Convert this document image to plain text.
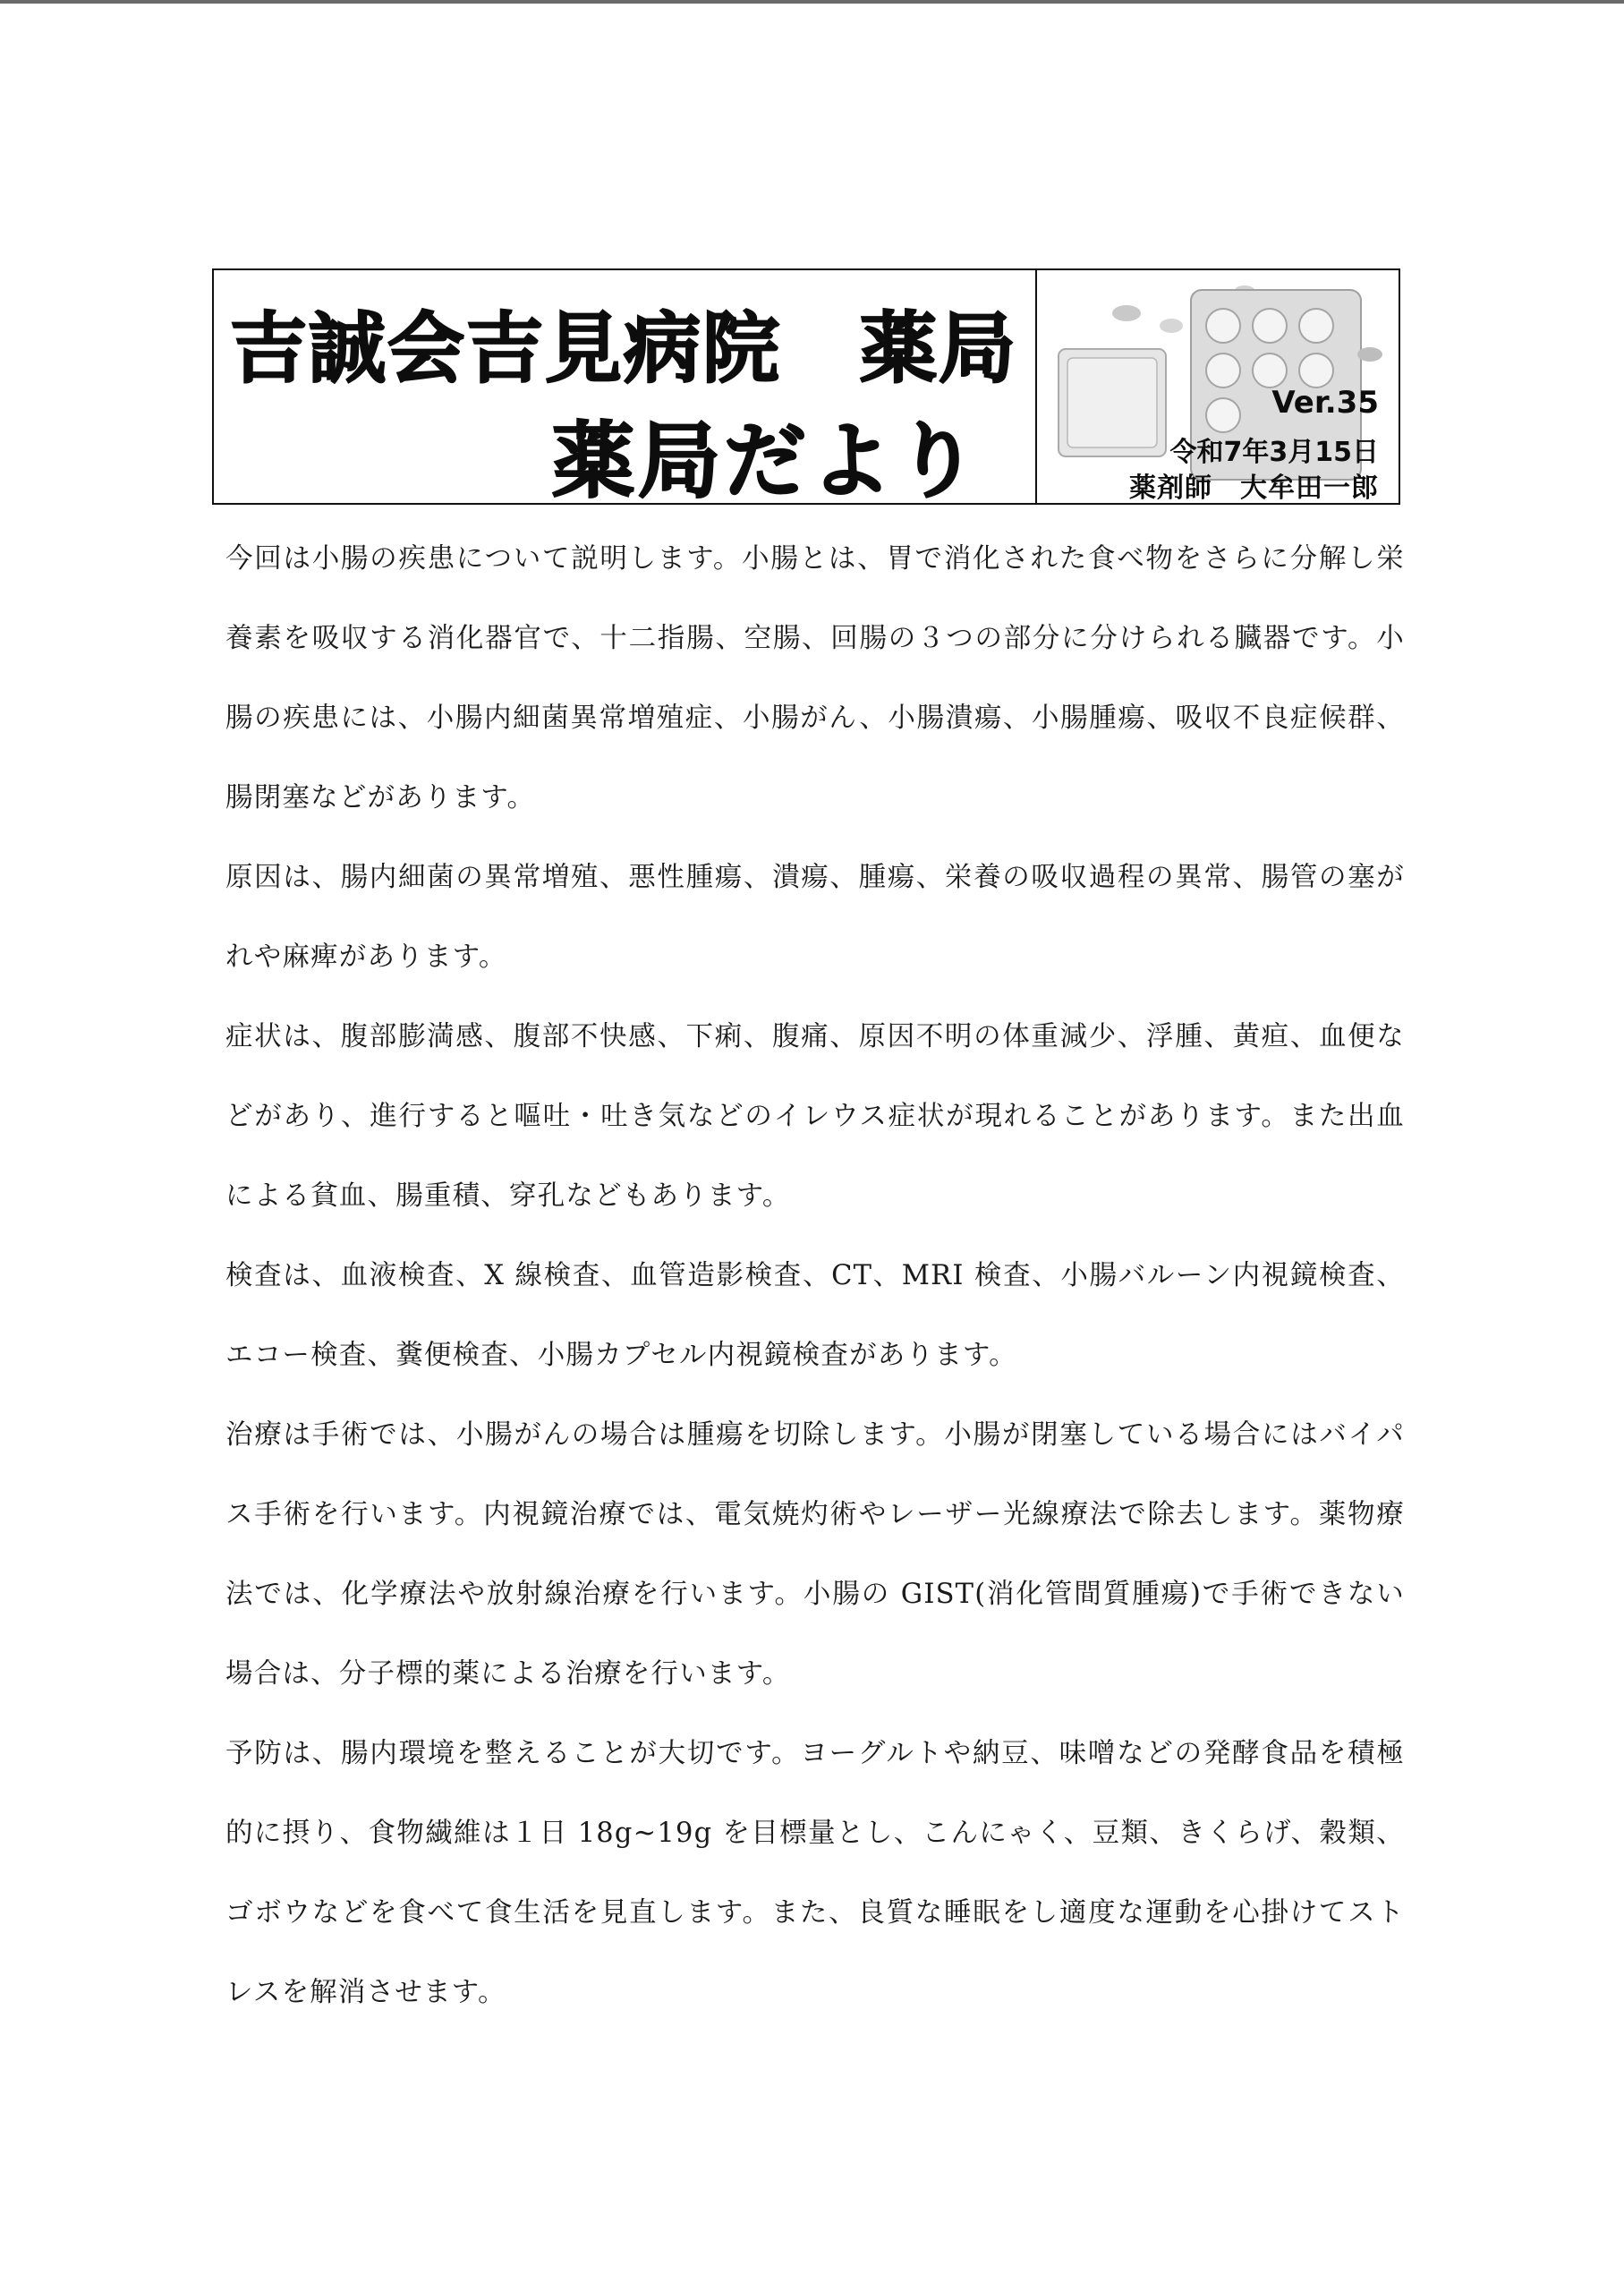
吉誠会吉見病院　薬局
薬局だより
Ver.35
令和7年3月15日
薬剤師　大牟田一郎

今回は小腸の疾患について説明します。小腸とは、胃で消化された食べ物をさらに分解し栄養素を吸収する消化器官で、十二指腸、空腸、回腸の３つの部分に分けられる臓器です。小腸の疾患には、小腸内細菌異常増殖症、小腸がん、小腸潰瘍、小腸腫瘍、吸収不良症候群、腸閉塞などがあります。

原因は、腸内細菌の異常増殖、悪性腫瘍、潰瘍、腫瘍、栄養の吸収過程の異常、腸管の塞がれや麻痺があります。

症状は、腹部膨満感、腹部不快感、下痢、腹痛、原因不明の体重減少、浮腫、黄疸、血便などがあり、進行すると嘔吐・吐き気などのイレウス症状が現れることがあります。また出血による貧血、腸重積、穿孔などもあります。

検査は、血液検査、X 線検査、血管造影検査、CT、MRI 検査、小腸バルーン内視鏡検査、エコー検査、糞便検査、小腸カプセル内視鏡検査があります。

治療は手術では、小腸がんの場合は腫瘍を切除します。小腸が閉塞している場合にはバイパス手術を行います。内視鏡治療では、電気焼灼術やレーザー光線療法で除去します。薬物療法では、化学療法や放射線治療を行います。小腸の GIST(消化管間質腫瘍)で手術できない場合は、分子標的薬による治療を行います。

予防は、腸内環境を整えることが大切です。ヨーグルトや納豆、味噌などの発酵食品を積極的に摂り、食物繊維は１日 18g~19g を目標量とし、こんにゃく、豆類、きくらげ、穀類、ゴボウなどを食べて食生活を見直します。また、良質な睡眠をし適度な運動を心掛けてストレスを解消させます。
